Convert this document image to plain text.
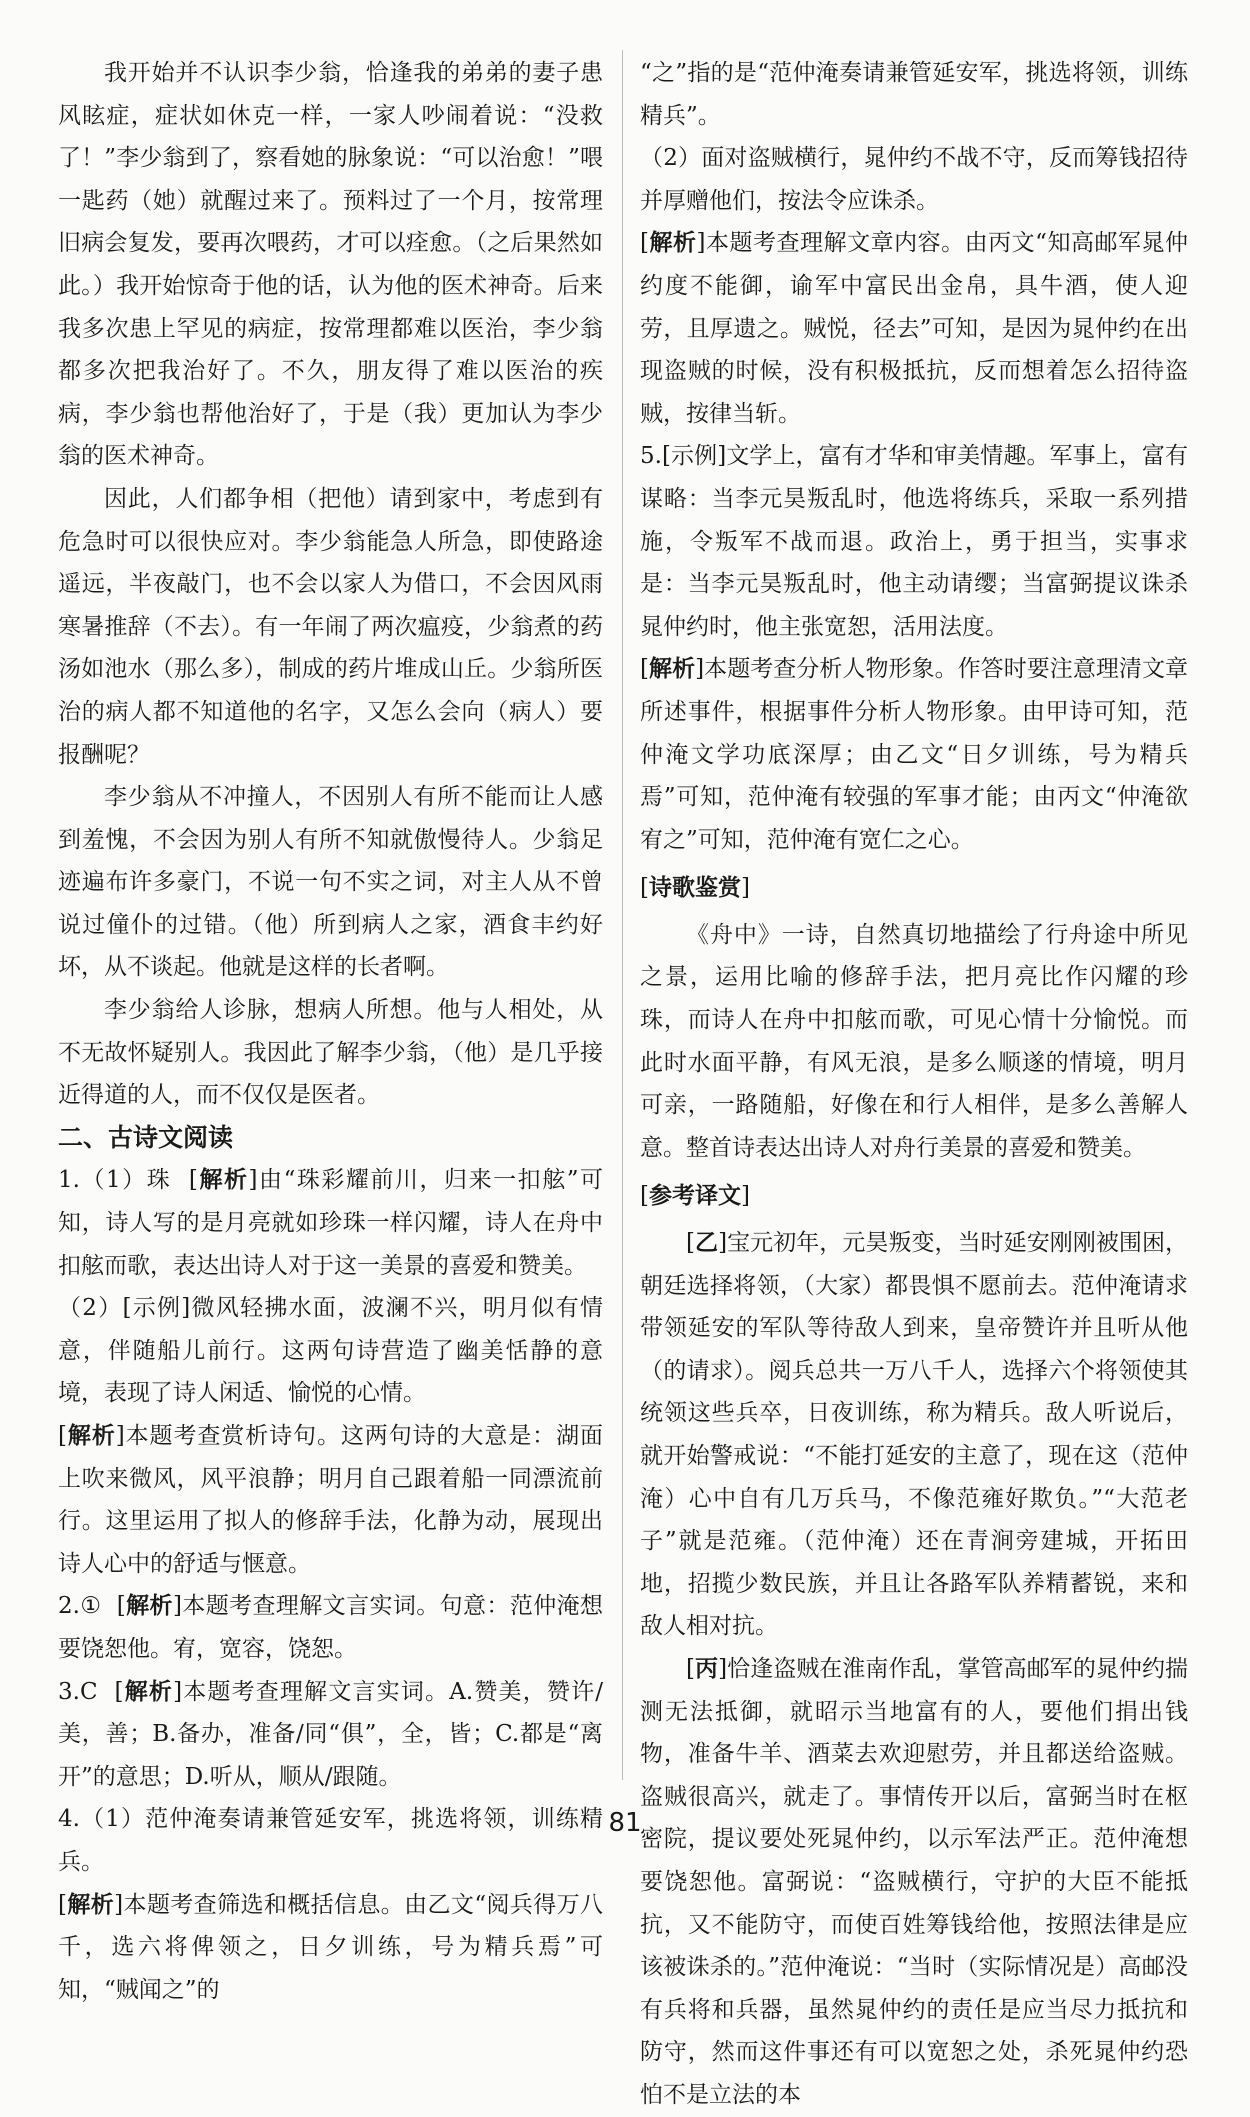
我开始并不认识李少翁，恰逢我的弟弟的妻子患风眩症，症状如休克一样，一家人吵闹着说：“没救了！”李少翁到了，察看她的脉象说：“可以治愈！”喂一匙药（她）就醒过来了。预料过了一个月，按常理旧病会复发，要再次喂药，才可以痊愈。（之后果然如此。）我开始惊奇于他的话，认为他的医术神奇。后来我多次患上罕见的病症，按常理都难以医治，李少翁都多次把我治好了。不久，朋友得了难以医治的疾病，李少翁也帮他治好了，于是（我）更加认为李少翁的医术神奇。

因此，人们都争相（把他）请到家中，考虑到有危急时可以很快应对。李少翁能急人所急，即使路途遥远，半夜敲门，也不会以家人为借口，不会因风雨寒暑推辞（不去）。有一年闹了两次瘟疫，少翁煮的药汤如池水（那么多），制成的药片堆成山丘。少翁所医治的病人都不知道他的名字，又怎么会向（病人）要报酬呢？

李少翁从不冲撞人，不因别人有所不能而让人感到羞愧，不会因为别人有所不知就傲慢待人。少翁足迹遍布许多豪门，不说一句不实之词，对主人从不曾说过僮仆的过错。（他）所到病人之家，酒食丰约好坏，从不谈起。他就是这样的长者啊。

李少翁给人诊脉，想病人所想。他与人相处，从不无故怀疑别人。我因此了解李少翁，（他）是几乎接近得道的人，而不仅仅是医者。

二、古诗文阅读

1.（1）珠  [解析]由“珠彩耀前川，归来一扣舷”可知，诗人写的是月亮就如珍珠一样闪耀，诗人在舟中扣舷而歌，表达出诗人对于这一美景的喜爱和赞美。

（2）[示例]微风轻拂水面，波澜不兴，明月似有情意，伴随船儿前行。这两句诗营造了幽美恬静的意境，表现了诗人闲适、愉悦的心情。

[解析]本题考查赏析诗句。这两句诗的大意是：湖面上吹来微风，风平浪静；明月自己跟着船一同漂流前行。这里运用了拟人的修辞手法，化静为动，展现出诗人心中的舒适与惬意。

2.①  [解析]本题考查理解文言实词。句意：范仲淹想要饶恕他。宥，宽容，饶恕。

3.C  [解析]本题考查理解文言实词。A.赞美，赞许/美，善；B.备办，准备/同“俱”，全，皆；C.都是“离开”的意思；D.听从，顺从/跟随。

4.（1）范仲淹奏请兼管延安军，挑选将领，训练精兵。

[解析]本题考查筛选和概括信息。由乙文“阅兵得万八千，选六将俾领之，日夕训练，号为精兵焉”可知，“贼闻之”的

“之”指的是“范仲淹奏请兼管延安军，挑选将领，训练精兵”。

（2）面对盗贼横行，晁仲约不战不守，反而筹钱招待并厚赠他们，按法令应诛杀。

[解析]本题考查理解文章内容。由丙文“知高邮军晁仲约度不能御，谕军中富民出金帛，具牛酒，使人迎劳，且厚遗之。贼悦，径去”可知，是因为晁仲约在出现盗贼的时候，没有积极抵抗，反而想着怎么招待盗贼，按律当斩。

5.[示例]文学上，富有才华和审美情趣。军事上，富有谋略：当李元昊叛乱时，他选将练兵，采取一系列措施，令叛军不战而退。政治上，勇于担当，实事求是：当李元昊叛乱时，他主动请缨；当富弼提议诛杀晁仲约时，他主张宽恕，活用法度。

[解析]本题考查分析人物形象。作答时要注意理清文章所述事件，根据事件分析人物形象。由甲诗可知，范仲淹文学功底深厚；由乙文“日夕训练，号为精兵焉”可知，范仲淹有较强的军事才能；由丙文“仲淹欲宥之”可知，范仲淹有宽仁之心。

[诗歌鉴赏]

《舟中》一诗，自然真切地描绘了行舟途中所见之景，运用比喻的修辞手法，把月亮比作闪耀的珍珠，而诗人在舟中扣舷而歌，可见心情十分愉悦。而此时水面平静，有风无浪，是多么顺遂的情境，明月可亲，一路随船，好像在和行人相伴，是多么善解人意。整首诗表达出诗人对舟行美景的喜爱和赞美。

[参考译文]

[乙]宝元初年，元昊叛变，当时延安刚刚被围困，朝廷选择将领，（大家）都畏惧不愿前去。范仲淹请求带领延安的军队等待敌人到来，皇帝赞许并且听从他（的请求）。阅兵总共一万八千人，选择六个将领使其统领这些兵卒，日夜训练，称为精兵。敌人听说后，就开始警戒说：“不能打延安的主意了，现在这（范仲淹）心中自有几万兵马，不像范雍好欺负。”“大范老子”就是范雍。（范仲淹）还在青涧旁建城，开拓田地，招揽少数民族，并且让各路军队养精蓄锐，来和敌人相对抗。

[丙]恰逢盗贼在淮南作乱，掌管高邮军的晁仲约揣测无法抵御，就昭示当地富有的人，要他们捐出钱物，准备牛羊、酒菜去欢迎慰劳，并且都送给盗贼。盗贼很高兴，就走了。事情传开以后，富弼当时在枢密院，提议要处死晁仲约，以示军法严正。范仲淹想要饶恕他。富弼说：“盗贼横行，守护的大臣不能抵抗，又不能防守，而使百姓筹钱给他，按照法律是应该被诛杀的。”范仲淹说：“当时（实际情况是）高邮没有兵将和兵器，虽然晁仲约的责任是应当尽力抵抗和防守，然而这件事还有可以宽恕之处，杀死晁仲约恐怕不是立法的本

81
